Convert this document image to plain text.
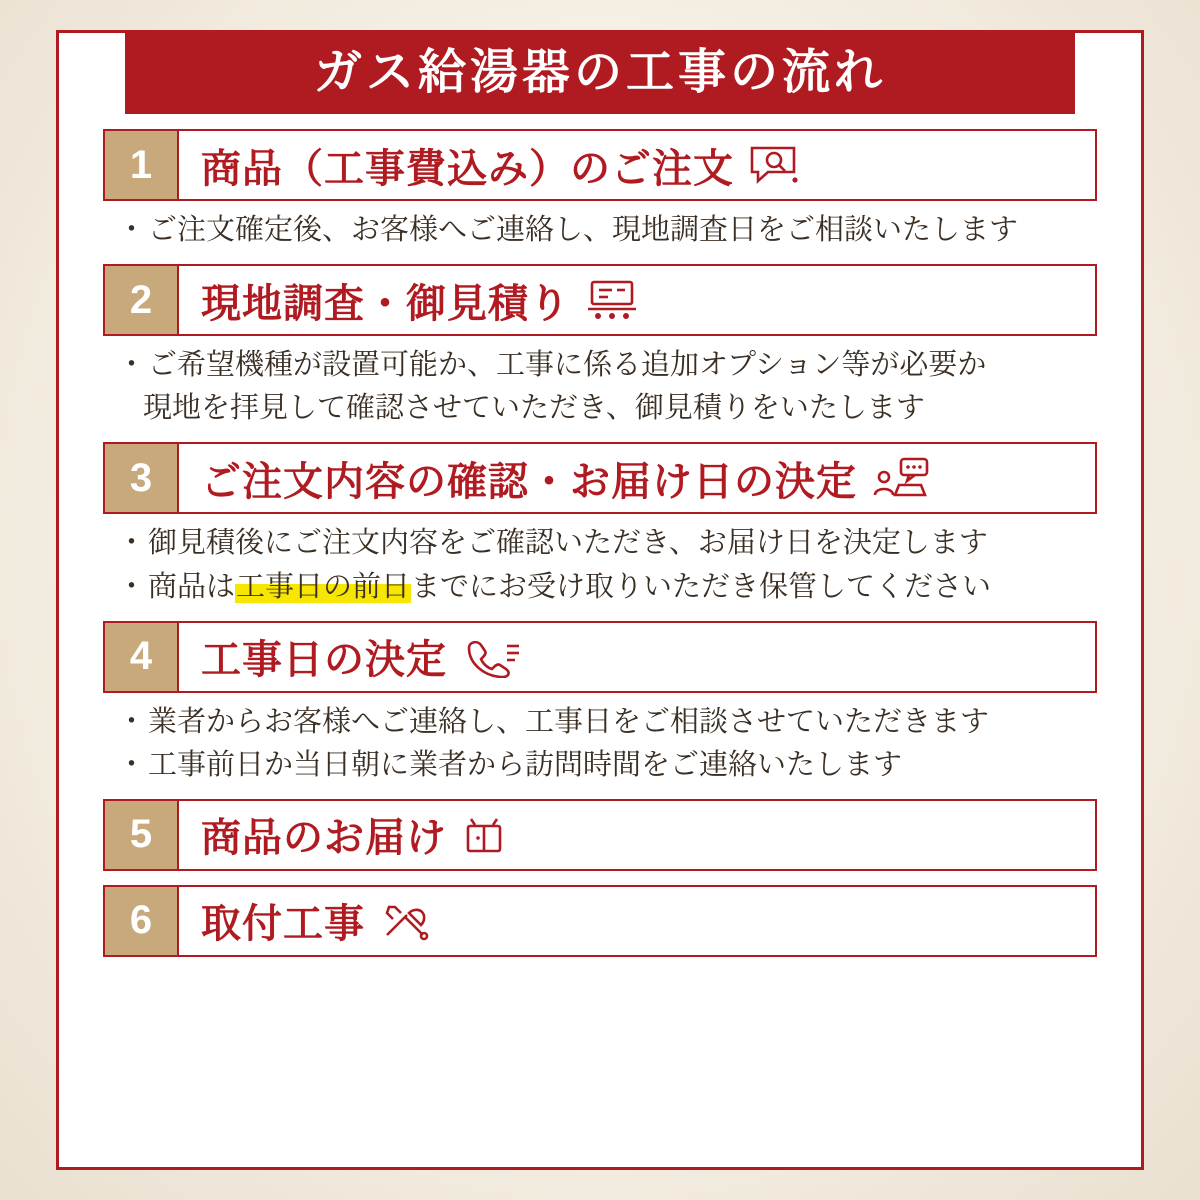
ガス給湯器の工事の流れ
1	商品（工事費込み）のご注文
・ ご注文確定後、お客様へご連絡し、現地調査日をご相談いたします
2	現地調査・御見積り
・ ご希望機種が設置可能か、工事に係る追加オプション等が必要か
現地を拝見して確認させていただき、御見積りをいたします
3	ご注文内容の確認・お届け日の決定
・ 御見積後にご注文内容をご確認いただき、お届け日を決定します
・ 商品は工事日の前日までにお受け取りいただき保管してください
4	工事日の決定
・ 業者からお客様へご連絡し、工事日をご相談させていただきます
・ 工事前日か当日朝に業者から訪問時間をご連絡いたします
5	商品のお届け
6	取付工事
